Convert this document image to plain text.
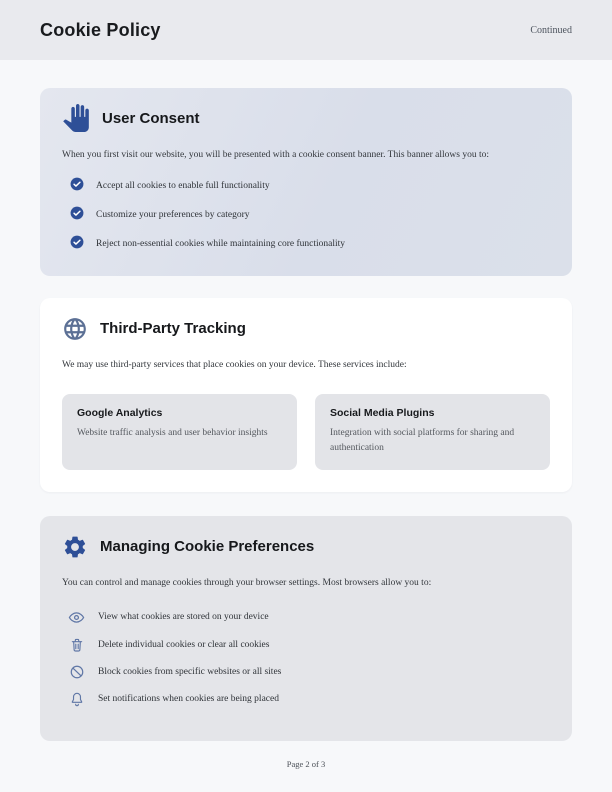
Cookie Policy	Continued
User Consent

When you first visit our website, you will be presented with a cookie consent banner. This banner allows you to:

Accept all cookies to enable full functionality
Customize your preferences by category
Reject non-essential cookies while maintaining core functionality
Third-Party Tracking

We may use third-party services that place cookies on your device. These services include:

Google Analytics
Website traffic analysis and user behavior insights
Social Media Plugins
Integration with social platforms for sharing and authentication
Managing Cookie Preferences

You can control and manage cookies through your browser settings. Most browsers allow you to:

View what cookies are stored on your device
Delete individual cookies or clear all cookies
Block cookies from specific websites or all sites
Set notifications when cookies are being placed
Page 2 of 3
